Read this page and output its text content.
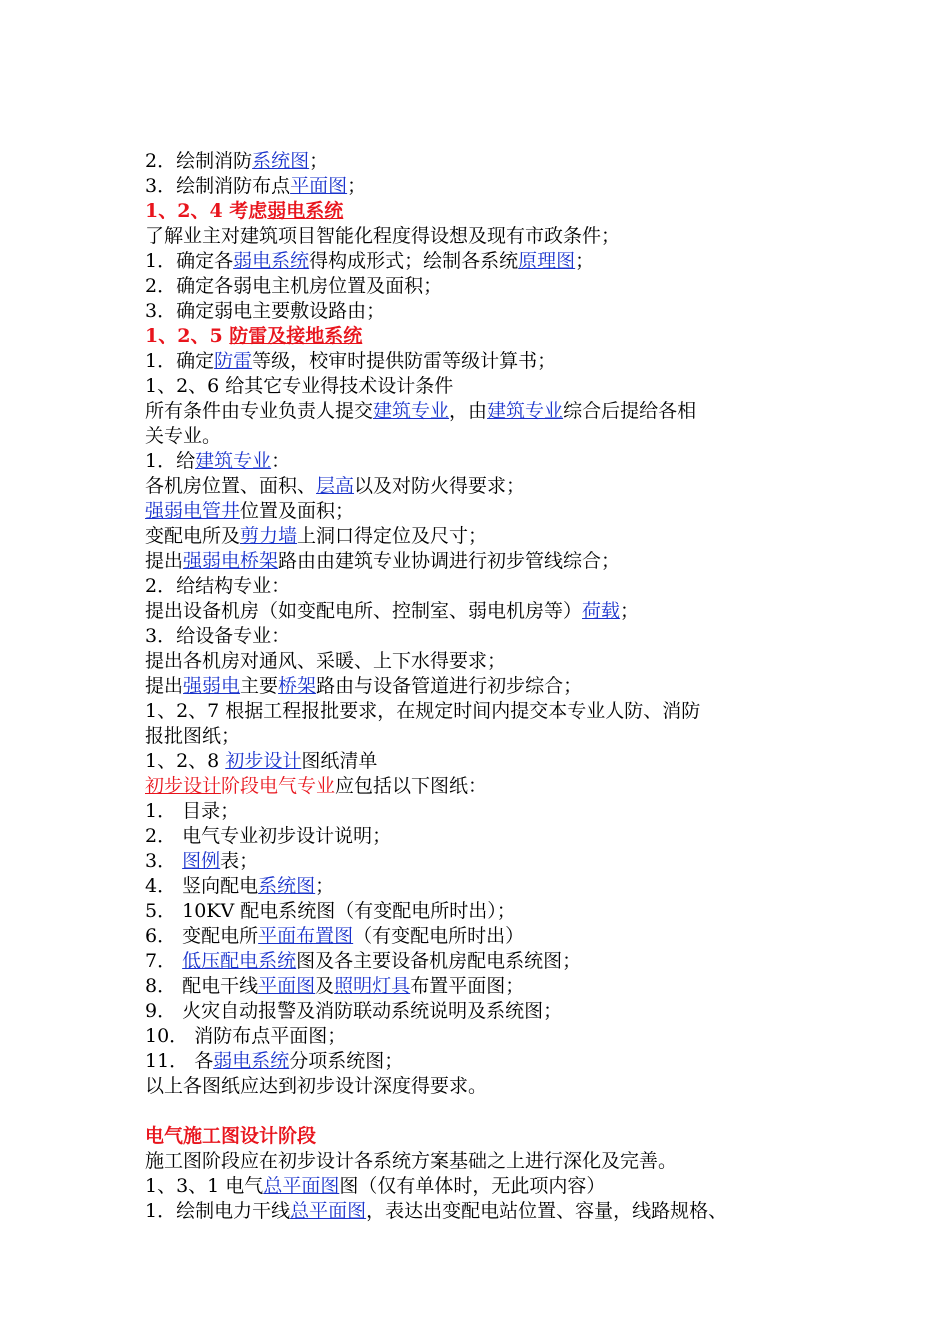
2．绘制消防系统图；
3．绘制消防布点平面图；
1、2、4 考虑弱电系统
了解业主对建筑项目智能化程度得设想及现有市政条件；
1．确定各弱电系统得构成形式；绘制各系统原理图；
2．确定各弱电主机房位置及面积；
3．确定弱电主要敷设路由；
1、2、5 防雷及接地系统
1．确定防雷等级，校审时提供防雷等级计算书；
1、2、6 给其它专业得技术设计条件
所有条件由专业负责人提交建筑专业，由建筑专业综合后提给各相
关专业。
1．给建筑专业：
各机房位置、面积、层高以及对防火得要求；
强弱电管井位置及面积；
变配电所及剪力墙上洞口得定位及尺寸；
提出强弱电桥架路由由建筑专业协调进行初步管线综合；
2．给结构专业：
提出设备机房（如变配电所、控制室、弱电机房等）荷载；
3．给设备专业：
提出各机房对通风、采暖、上下水得要求；
提出强弱电主要桥架路由与设备管道进行初步综合；
1、2、7 根据工程报批要求，在规定时间内提交本专业人防、消防
报批图纸；
1、2、8 初步设计图纸清单
初步设计阶段电气专业应包括以下图纸：
1． 目录；
2． 电气专业初步设计说明；
3． 图例表；
4． 竖向配电系统图；
5． 10KV 配电系统图（有变配电所时出）；
6． 变配电所平面布置图（有变配电所时出）
7． 低压配电系统图及各主要设备机房配电系统图；
8． 配电干线平面图及照明灯具布置平面图；
9． 火灾自动报警及消防联动系统说明及系统图；
10． 消防布点平面图；
11． 各弱电系统分项系统图；
以上各图纸应达到初步设计深度得要求。
电气施工图设计阶段
施工图阶段应在初步设计各系统方案基础之上进行深化及完善。
1、3、1 电气总平面图图（仅有单体时，无此项内容）
1．绘制电力干线总平面图，表达出变配电站位置、容量，线路规格、
